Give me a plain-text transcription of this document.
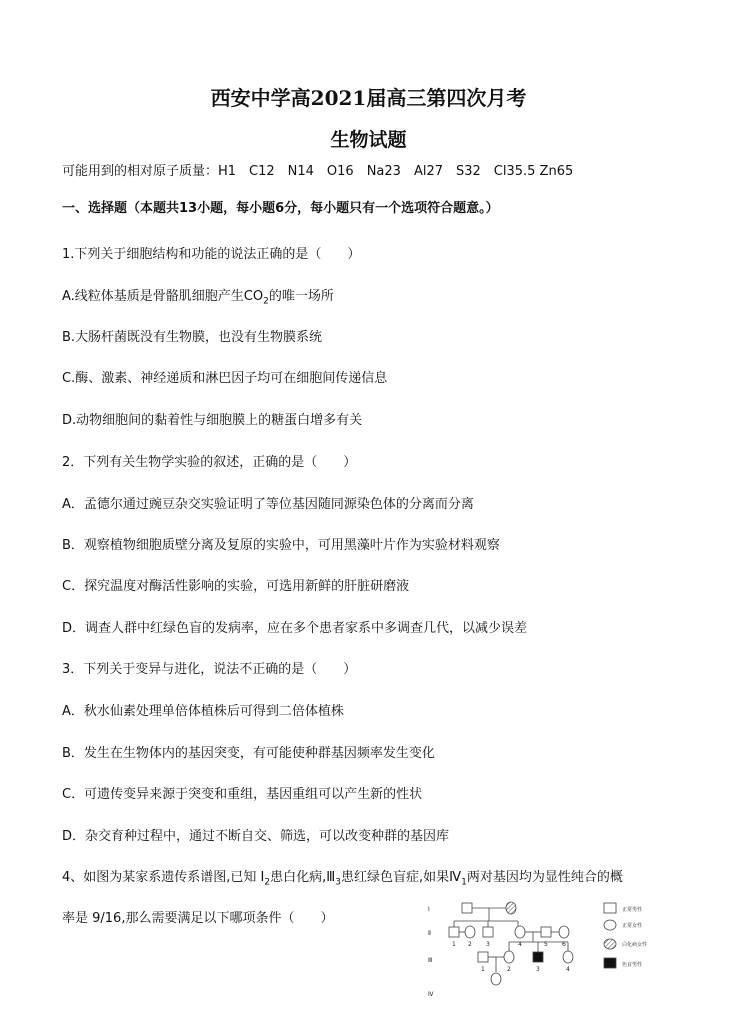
西安中学高2021届高三第四次月考
生物试题
可能用到的相对原子质量：H1　C12　N14　O16　Na23　Al27　S32　Cl35.5 Zn65
一、选择题（本题共13小题，每小题6分，每小题只有一个选项符合题意。）
1.下列关于细胞结构和功能的说法正确的是（　　）
A.线粒体基质是骨骼肌细胞产生$CO_2$的唯一场所
B.大肠杆菌既没有生物膜，也没有生物膜系统
C.酶、激素、神经递质和淋巴因子均可在细胞间传递信息
D.动物细胞间的黏着性与细胞膜上的糖蛋白增多有关
2．下列有关生物学实验的叙述，正确的是（　　）
A．孟德尔通过豌豆杂交实验证明了等位基因随同源染色体的分离而分离
B．观察植物细胞质壁分离及复原的实验中，可用黑藻叶片作为实验材料观察
C．探究温度对酶活性影响的实验，可选用新鲜的肝脏研磨液
D．调查人群中红绿色盲的发病率，应在多个患者家系中多调查几代，以减少误差
3．下列关于变异与进化，说法不正确的是（　　）
A．秋水仙素处理单倍体植株后可得到二倍体植株
B．发生在生物体内的基因突变，有可能使种群基因频率发生变化
C．可遗传变异来源于突变和重组，基因重组可以产生新的性状
D．杂交育种过程中，通过不断自交、筛选，可以改变种群的基因库
4、如图为某家系遗传系谱图,已知 $Ⅰ_2$患白化病$,Ⅲ_3$患红绿色盲症,如果$Ⅳ_1$两对基因均为显性纯合的概
率是 9/16,那么需要满足以下哪项条件（　　）
Ⅰ
Ⅱ
Ⅲ
Ⅳ
1 2 3	4	5 6
1	2	3	4
正常男性
正常女性
白化病女性
色盲男性
